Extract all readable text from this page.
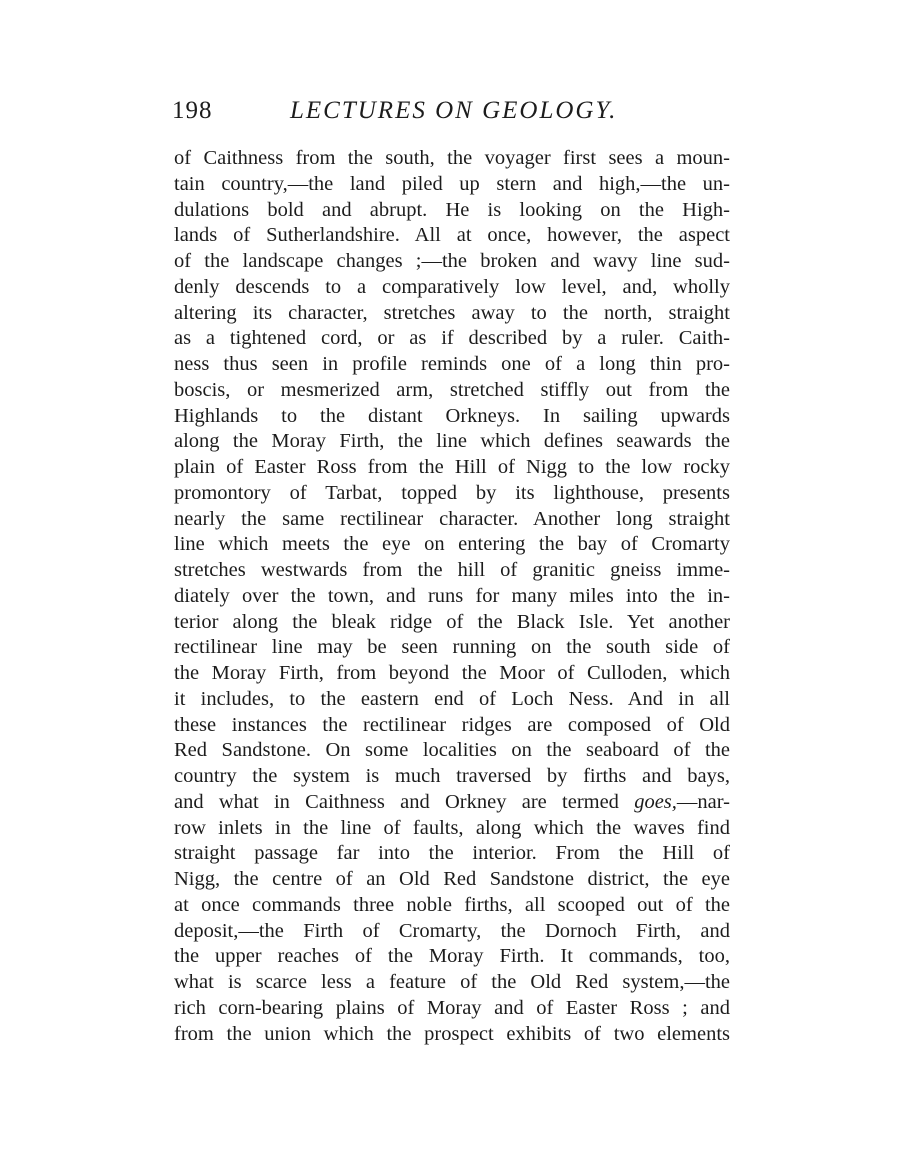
198	LECTURES ON GEOLOGY.
of Caithness from the south, the voyager first sees a moun-
tain country,—the land piled up stern and high,—the un-
dulations bold and abrupt. He is looking on the High-
lands of Sutherlandshire. All at once, however, the aspect
of the landscape changes ;—the broken and wavy line sud-
denly descends to a comparatively low level, and, wholly
altering its character, stretches away to the north, straight
as a tightened cord, or as if described by a ruler. Caith-
ness thus seen in profile reminds one of a long thin pro-
boscis, or mesmerized arm, stretched stiffly out from the
Highlands to the distant Orkneys. In sailing upwards
along the Moray Firth, the line which defines seawards the
plain of Easter Ross from the Hill of Nigg to the low rocky
promontory of Tarbat, topped by its lighthouse, presents
nearly the same rectilinear character. Another long straight
line which meets the eye on entering the bay of Cromarty
stretches westwards from the hill of granitic gneiss imme-
diately over the town, and runs for many miles into the in-
terior along the bleak ridge of the Black Isle. Yet another
rectilinear line may be seen running on the south side of
the Moray Firth, from beyond the Moor of Culloden, which
it includes, to the eastern end of Loch Ness. And in all
these instances the rectilinear ridges are composed of Old
Red Sandstone. On some localities on the seaboard of the
country the system is much traversed by firths and bays,
and what in Caithness and Orkney are termed goes,—nar-
row inlets in the line of faults, along which the waves find
straight passage far into the interior. From the Hill of
Nigg, the centre of an Old Red Sandstone district, the eye
at once commands three noble firths, all scooped out of the
deposit,—the Firth of Cromarty, the Dornoch Firth, and
the upper reaches of the Moray Firth. It commands, too,
what is scarce less a feature of the Old Red system,—the
rich corn-bearing plains of Moray and of Easter Ross ; and
from the union which the prospect exhibits of two elements
